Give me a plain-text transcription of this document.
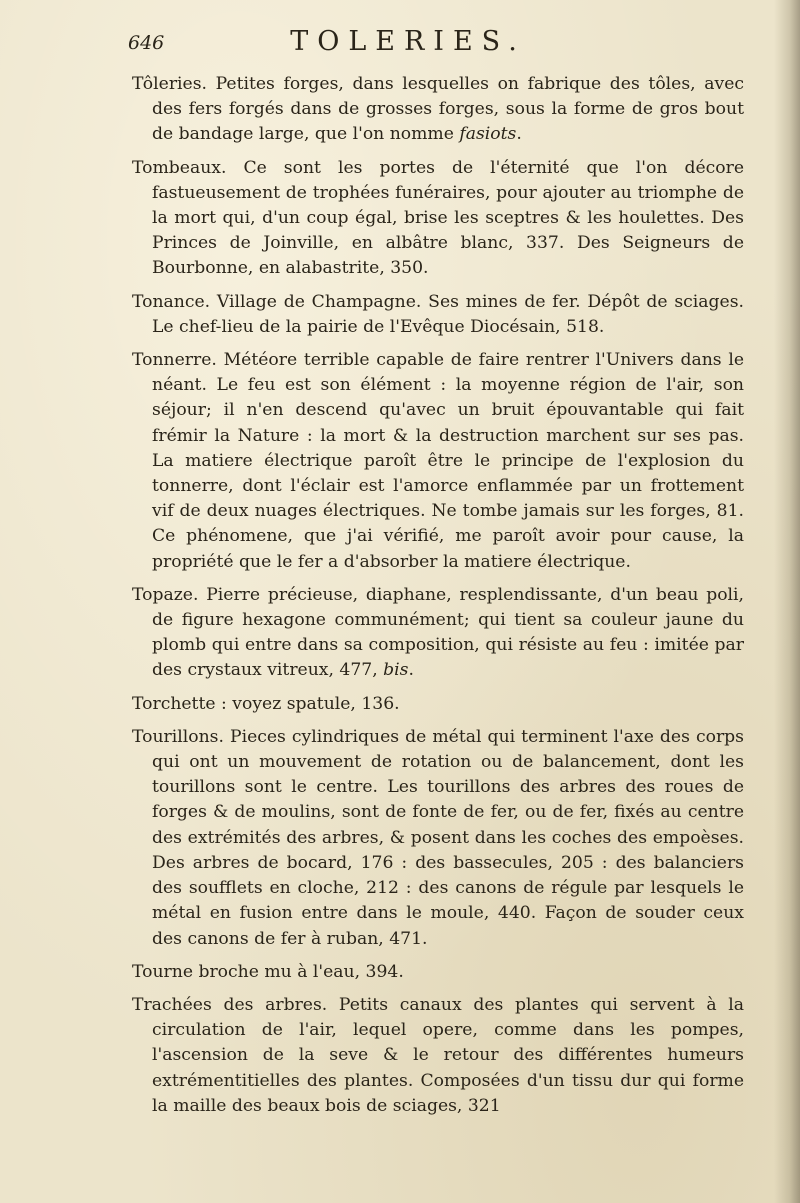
646	TOLERIES.

Tôleries. Petites forges, dans lesquelles on fabrique des tôles, avec des fers forgés dans de grosses forges, sous la forme de gros bout de bandage large, que l'on nomme fasiots.

Tombeaux. Ce sont les portes de l'éternité que l'on décore fastueusement de trophées funéraires, pour ajouter au triomphe de la mort qui, d'un coup égal, brise les sceptres & les houlettes. Des Princes de Joinville, en albâtre blanc, 337. Des Seigneurs de Bourbonne, en alabastrite, 350.

Tonance. Village de Champagne. Ses mines de fer. Dépôt de sciages. Le chef-lieu de la pairie de l'Evêque Diocésain, 518.

Tonnerre. Météore terrible capable de faire rentrer l'Univers dans le néant. Le feu est son élément : la moyenne région de l'air, son séjour; il n'en descend qu'avec un bruit épouvantable qui fait frémir la Nature : la mort & la destruction marchent sur ses pas. La matiere électrique paroît être le principe de l'explosion du tonnerre, dont l'éclair est l'amorce enflammée par un frottement vif de deux nuages électriques. Ne tombe jamais sur les forges, 81. Ce phénomene, que j'ai vérifié, me paroît avoir pour cause, la propriété que le fer a d'absorber la matiere électrique.

Topaze. Pierre précieuse, diaphane, resplendissante, d'un beau poli, de figure hexagone communément; qui tient sa couleur jaune du plomb qui entre dans sa composition, qui résiste au feu : imitée par des crystaux vitreux, 477, bis.

Torchette : voyez spatule, 136.

Tourillons. Pieces cylindriques de métal qui terminent l'axe des corps qui ont un mouvement de rotation ou de balancement, dont les tourillons sont le centre. Les tourillons des arbres des roues de forges & de moulins, sont de fonte de fer, ou de fer, fixés au centre des extrémités des arbres, & posent dans les coches des empoèses. Des arbres de bocard, 176 : des bassecules, 205 : des balanciers des soufflets en cloche, 212 : des canons de régule par lesquels le métal en fusion entre dans le moule, 440. Façon de souder ceux des canons de fer à ruban, 471.

Tourne broche mu à l'eau, 394.

Trachées des arbres. Petits canaux des plantes qui servent à la circulation de l'air, lequel opere, comme dans les pompes, l'ascension de la seve & le retour des différentes humeurs extrémentitielles des plantes. Composées d'un tissu dur qui forme la maille des beaux bois de sciages, 321
